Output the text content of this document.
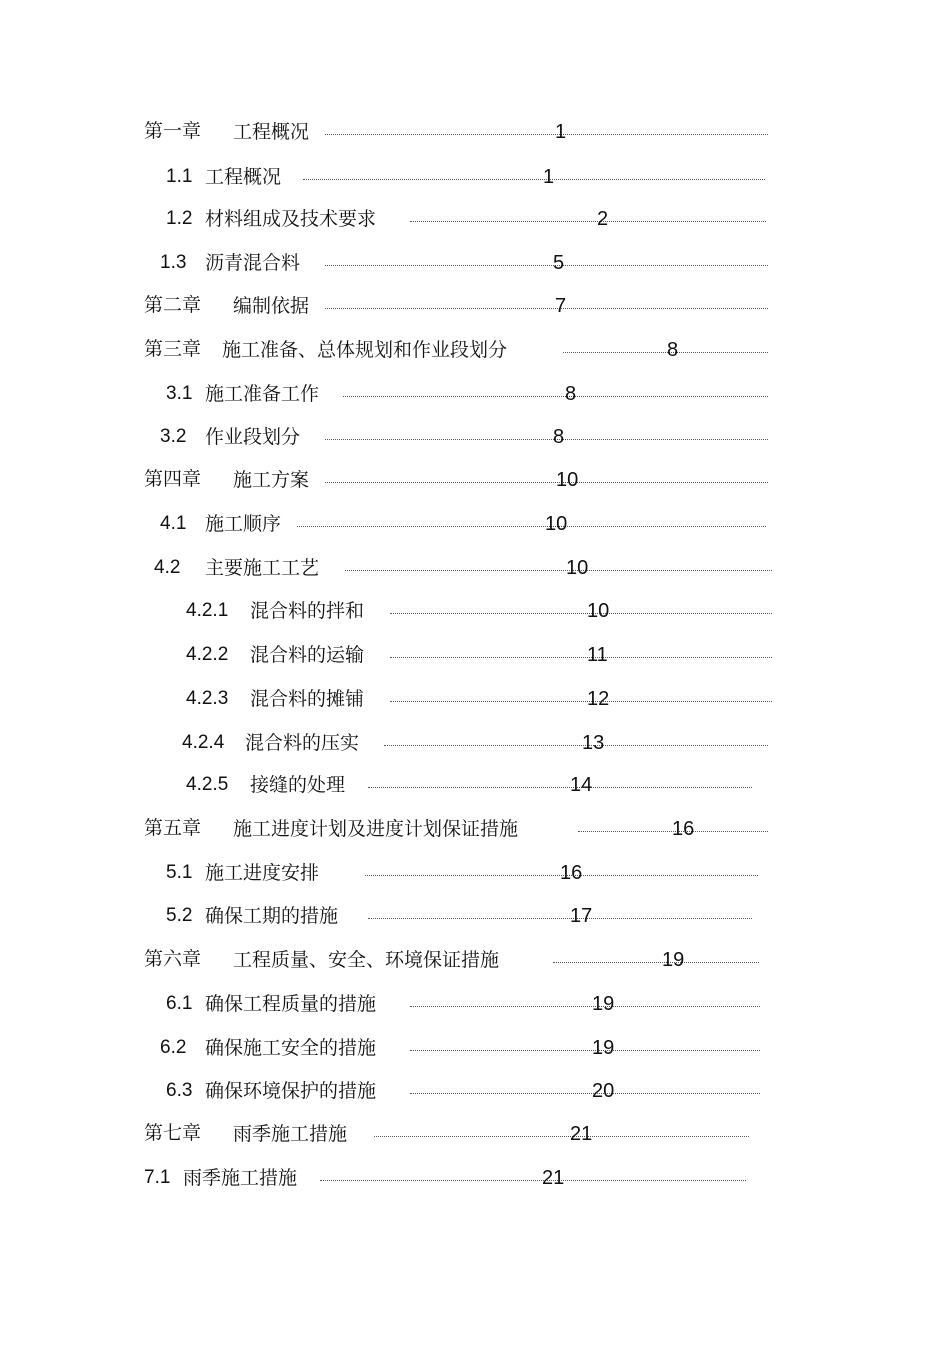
第一章 工程概况	1
1.1 工程概况	1
1.2 材料组成及技术要求	2
1.3 沥青混合料	5
第二章 编制依据	7
第三章 施工准备、总体规划和作业段划分	8
3.1 施工准备工作	8
3.2 作业段划分	8
第四章 施工方案	10
4.1 施工顺序	10
4.2 主要施工工艺	10
4.2.1 混合料的拌和	10
4.2.2 混合料的运输	11
4.2.3 混合料的摊铺	12
4.2.4 混合料的压实	13
4.2.5 接缝的处理	14
第五章 施工进度计划及进度计划保证措施	16
5.1 施工进度安排	16
5.2 确保工期的措施	17
第六章 工程质量、安全、环境保证措施	19
6.1 确保工程质量的措施	19
6.2 确保施工安全的措施	19
6.3 确保环境保护的措施	20
第七章 雨季施工措施	21
7.1 雨季施工措施	21
